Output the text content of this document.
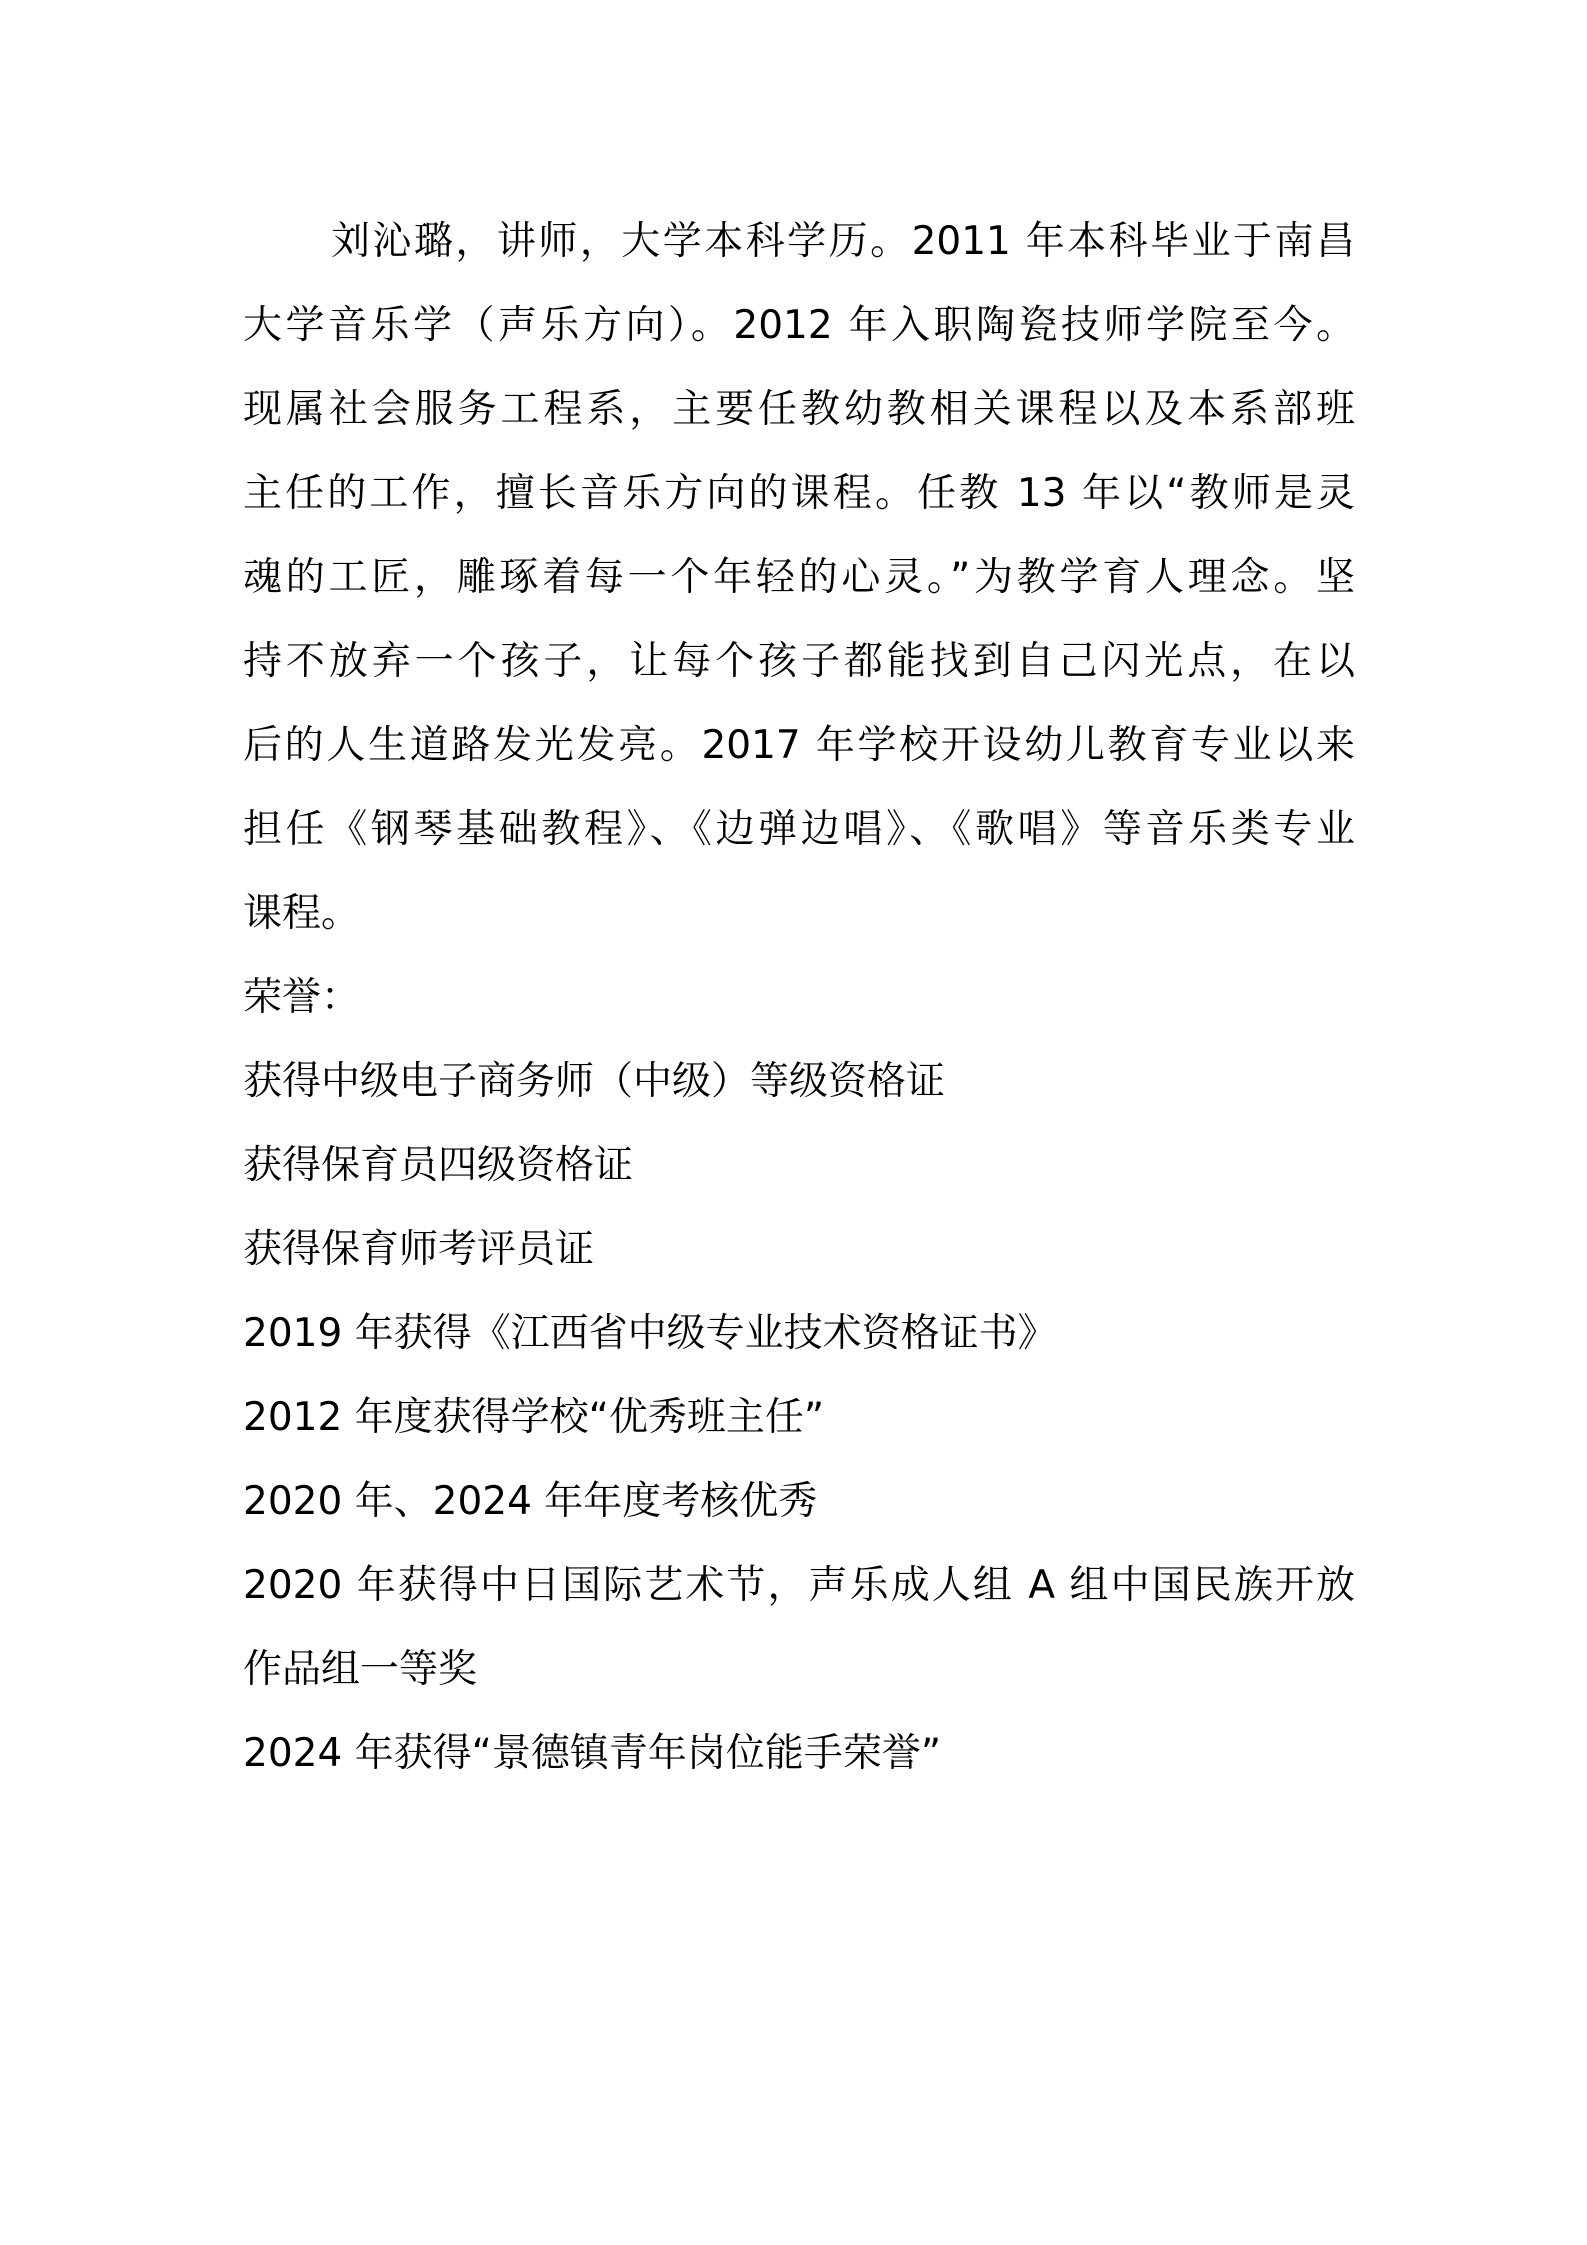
刘沁璐，讲师，大学本科学历。2011 年本科毕业于南昌
大学音乐学（声乐方向）。2012 年入职陶瓷技师学院至今。
现属社会服务工程系，主要任教幼教相关课程以及本系部班
主任的工作，擅长音乐方向的课程。任教 13 年以“教师是灵
魂的工匠，雕琢着每一个年轻的心灵。”为教学育人理念。坚
持不放弃一个孩子，让每个孩子都能找到自己闪光点，在以
后的人生道路发光发亮。2017 年学校开设幼儿教育专业以来
担任《钢琴基础教程》、《边弹边唱》、《歌唱》等音乐类专业
课程。
荣誉：
获得中级电子商务师（中级）等级资格证
获得保育员四级资格证
获得保育师考评员证
2019 年获得《江西省中级专业技术资格证书》
2012 年度获得学校“优秀班主任”
2020 年、2024 年年度考核优秀
2020 年获得中日国际艺术节，声乐成人组 A 组中国民族开放
作品组一等奖
2024 年获得“景德镇青年岗位能手荣誉”
